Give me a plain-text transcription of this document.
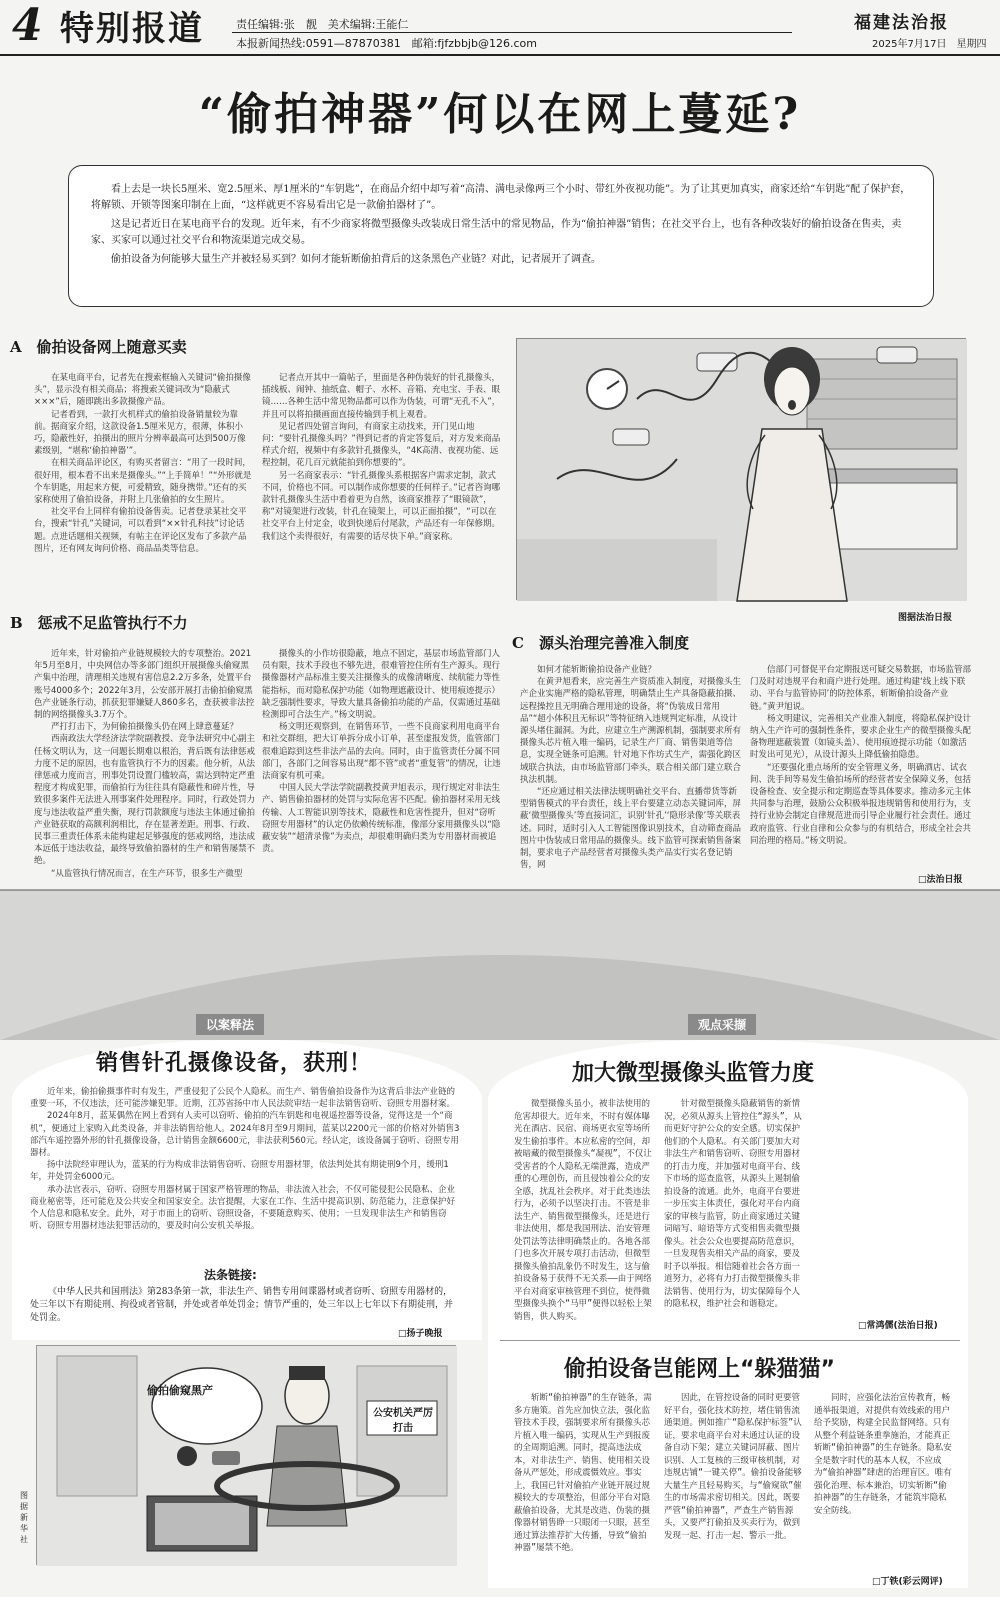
4 特别报道	责任编辑:张　靓　美术编辑:王能仁
本报新闻热线:0591—87870381　邮箱:fjfzbbjb@126.com
福建法治报
2025年7月17日　星期四
“偷拍神器”何以在网上蔓延?

看上去是一块长5厘米、宽2.5厘米、厚1厘米的“车钥匙”，在商品介绍中却写着“高清、满电录像两三个小时、带红外夜视功能”。为了让其更加真实，商家还给“车钥匙”配了保护套，将解锁、开锁等图案印制在上面，“这样就更不容易看出它是一款偷拍器材了”。

这是记者近日在某电商平台的发现。近年来，有不少商家将微型摄像头改装成日常生活中的常见物品，作为“偷拍神器”销售；在社交平台上，也有各种改装好的偷拍设备在售卖，卖家、买家可以通过社交平台和物流渠道完成交易。

偷拍设备为何能够大量生产并被轻易买到？如何才能斩断偷拍背后的这条黑色产业链？对此，记者展开了调查。

A　偷拍设备网上随意买卖

在某电商平台，记者先在搜索框输入关键词“偷拍摄像头”，显示没有相关商品；将搜索关键词改为“隐蔽式×××”后，随即跳出多款摄像产品。

记者看到，一款打火机样式的偷拍设备销量较为靠前。据商家介绍，这款设备1.5厘米见方，很薄，体积小巧，隐蔽性好，拍摄出的照片分辨率最高可达到500万像素级别，“堪称‘偷拍神器’”。

在相关商品评论区，有购买者留言：“用了一段时间，很好用，根本看不出来是摄像头。”“上手简单！”“外形就是个车钥匙，用起来方便，可爱精致，随身携带。”还有的买家称使用了偷拍设备，并附上几张偷拍的女生照片。

社交平台上同样有偷拍设备售卖。记者登录某社交平台，搜索“针孔”关键词，可以看到“××针孔科技”讨论话题。点进话题相关视频，有帖主在评论区发布了多款产品图片，还有网友询问价格、商品品类等信息。

记者点开其中一篇帖子，里面是各种伪装好的针孔摄像头，插线板、闹钟、抽纸盒、帽子、水杯、音箱、充电宝、手表、眼镜……各种生活中常见物品都可以作为伪装，可谓“无孔不入”，并且可以将拍摄画面直接传输到手机上观看。

见记者四处留言询问，有商家主动找来，开门见山地问：“要针孔摄像头吗？”得到记者的肯定答复后，对方发来商品样式介绍，视频中有多款针孔摄像头，“4K高清、夜视功能、远程控制，花几百元就能拍到你想要的”。

另一名商家表示：“针孔摄像头系根据客户需求定制，款式不同，价格也不同。可以制作成你想要的任何样子。”记者咨询哪款针孔摄像头生活中看着更为自然，该商家推荐了“眼镜款”，称“对镜架进行改装，针孔在镜架上，可以正面拍摄”，“可以在社交平台上付定金，收到快递后付尾款，产品还有一年保修期。我们这个卖得很好，有需要的话尽快下单。”商家称。

图据法治日报
B　惩戒不足监管执行不力

近年来，针对偷拍产业链规模较大的专项整治。2021年5月至8月，中央网信办等多部门组织开展摄像头偷窥黑产集中治理，清理相关违规有害信息2.2万多条，处置平台账号4000多个；2022年3月，公安部开展打击偷拍偷窥黑色产业链条行动，抓获犯罪嫌疑人860多名，查获被非法控制的网络摄像头3.7万个。

严打打击下，为何偷拍摄像头仍在网上肆意蔓延？

西南政法大学经济法学院副教授、竞争法研究中心副主任杨文明认为，这一问题长期难以根治，背后既有法律惩戒力度不足的原因，也有监管执行不力的因素。他分析，从法律惩戒力度而言，刑事处罚设置门槛较高，需达到特定严重程度才构成犯罪，而偷拍行为往往具有隐蔽性和碎片性，导致很多案件无法进入刑事案件处理程序。同时，行政处罚力度与违法收益严重失衡，现行罚款额度与违法主体通过偷拍产业链获取的高额利润相比，存在显著差距。刑事、行政、民事三重责任体系未能构建起足够强度的惩戒网络，违法成本远低于违法收益，最终导致偷拍器材的生产和销售屡禁不绝。

“从监管执行情况而言，在生产环节，很多生产微型

摄像头的小作坊很隐蔽，地点不固定，基层市场监管部门人员有限，技术手段也不够先进，很难管控住所有生产源头。现行摄像器材产品标准主要关注摄像头的成像清晰度、续航能力等性能指标，而对隐私保护功能（如物理遮蔽设计、使用痕迹提示）缺乏强制性要求，导致大量具备偷拍功能的产品，仅需通过基础检测即可合法生产。”杨文明说。

杨文明还观察到，在销售环节，一些不良商家利用电商平台和社交群组，把大订单拆分成小订单，甚至虚报发货，监管部门很难追踪到这些非法产品的去向。同时，由于监管责任分属不同部门，各部门之间容易出现“都不管”或者“重复管”的情况，让违法商家有机可乘。

中国人民大学法学院副教授黄尹旭表示，现行规定对非法生产、销售偷拍器材的处罚与实际危害不匹配。偷拍器材采用无线传输、人工智能识别等技术，隐蔽性和危害性提升，但对“窃听窃照专用器材”的认定仍依赖传统标准，像部分家用摄像头以“隐蔽安装”“超清录像”为卖点，却很难明确归类为专用器材而被追责。

C　源头治理完善准入制度

如何才能斩断偷拍设备产业链？

在黄尹旭看来，应完善生产资质准入制度，对摄像头生产企业实施严格的隐私管理，明确禁止生产具备隐蔽拍摄、远程操控且无明确合理用途的设备，将“伪装成日常用品”“超小体积且无标识”等特征纳入违规判定标准，从设计源头堵住漏洞。为此，应建立生产溯源机制，强制要求所有摄像头芯片植入唯一编码，记录生产厂商、销售渠道等信息，实现全链条可追溯。针对地下作坊式生产，需强化跨区域联合执法，由市场监管部门牵头，联合相关部门建立联合执法机制。

“还应通过相关法律法规明确社交平台、直播带货等新型销售模式的平台责任，线上平台要建立动态关键词库，屏蔽‘微型摄像头’等直接词汇，识别‘针孔’‘隐形录像’等关联表述。同时，适时引入人工智能图像识别技术，自动筛查商品图片中伪装成日常用品的摄像头。线下监管可探索销售备案制，要求电子产品经营者对摄像头类产品实行实名登记销售，网

信部门可督促平台定期报送可疑交易数据，市场监管部门及时对违规平台和商户进行处理。通过构建‘线上线下联动、平台与监管协同’的防控体系，斩断偷拍设备产业链。”黄尹旭说。

杨文明建议，完善相关产业准入制度，将隐私保护设计纳入生产许可的强制性条件，要求企业生产的微型摄像头配备物理遮蔽装置（如镜头盖）、使用痕迹提示功能（如激活时发出可见光），从设计源头上降低偷拍隐患。

“还要强化重点场所的安全管理义务，明确酒店、试衣间、洗手间等易发生偷拍场所的经营者安全保障义务，包括设备检查、安全提示和定期巡查等具体要求。推动多元主体共同参与治理，鼓励公众积极举报违规销售和使用行为，支持行业协会制定自律规范进而引导企业履行社会责任。通过政府监管、行业自律和公众参与的有机结合，形成全社会共同治理的格局。”杨文明说。

□法治日报
以案释法
销售针孔摄像设备，获刑！

近年来，偷拍偷摄事件时有发生，严重侵犯了公民个人隐私。而生产、销售偷拍设备作为这背后非法产业链的重要一环，不仅违法，还可能涉嫌犯罪。近期，江苏省扬中市人民法院审结一起非法销售窃听、窃照专用器材案。

2024年8月，蓝某偶然在网上看到有人卖可以窃听、偷拍的汽车钥匙和电视遥控器等设备，觉得这是一个“商机”，便通过上家购入此类设备，并非法销售给他人。2024年8月至9月期间，蓝某以2200元一部的价格对外销售3部汽车遥控器外形的针孔摄像设备，总计销售金额6600元，非法获利560元。经认定，该设备属于窃听、窃照专用器材。

扬中法院经审理认为，蓝某的行为构成非法销售窃听、窃照专用器材罪，依法判处其有期徒刑9个月，缓刑1年，并处罚金6000元。

承办法官表示，窃听、窃照专用器材属于国家严格管理的物品，非法流入社会，不仅可能侵犯公民隐私、企业商业秘密等，还可能危及公共安全和国家安全。法官提醒，大家在工作、生活中提高识别、防范能力，注意保护好个人信息和隐私安全。此外，对于市面上的窃听、窃照设备，不要随意购买、使用；一旦发现非法生产和销售窃听、窃照专用器材违法犯罪活动的，要及时向公安机关举报。

法条链接:
《中华人民共和国刑法》第283条第一款，非法生产、销售专用间谍器材或者窃听、窃照专用器材的，处三年以下有期徒刑、拘役或者管制，并处或者单处罚金；情节严重的，处三年以上七年以下有期徒刑，并处罚金。
□扬子晚报
偷拍偷窥黑产
公安机关严厉打击
图据新华社
观点采撷
加大微型摄像头监管力度

微型摄像头虽小，被非法使用的危害却很大。近年来，不时有媒体曝光在酒店、民宿、商场更衣室等场所发生偷拍事件。本应私密的空间，却被暗藏的微型摄像头“凝视”，不仅让受害者的个人隐私无端泄露，造成严重的心理创伤，而且侵蚀着公众的安全感，扰乱社会秩序。对于此类违法行为，必须予以坚决打击。不管是非法生产、销售微型摄像头，还是进行非法使用，都是我国刑法、治安管理处罚法等法律明确禁止的。各地各部门也多次开展专项打击活动，但微型摄像头偷拍乱象仍不时发生，这与偷拍设备易于获得不无关系——由于网络平台对商家审核管理不到位，使得微型摄像头换个“马甲”便得以轻松上架销售，供人购买。

针对微型摄像头隐蔽销售的新情况，必须从源头上管控住“源头”，从而更好守护公众的安全感。切实保护他们的个人隐私。有关部门要加大对非法生产和销售窃听、窃照专用器材的打击力度，并加强对电商平台、线下市场的巡查监管，从源头上遏制偷拍设备的流通。此外，电商平台要进一步压实主体责任，强化对平台内商家的审核与监管，防止商家通过关键词暗写、暗语等方式变相售卖微型摄像头。社会公众也要提高防范意识，一旦发现售卖相关产品的商家，要及时予以举报。相信随着社会各方面一道努力，必将有力打击微型摄像头非法销售、使用行为，切实保障每个人的隐私权，维护社会和谐稳定。

□常鸿儒(法治日报)
偷拍设备岂能网上“躲猫猫”

斩断“偷拍神器”的生存链条，需多方施策。首先应加快立法，强化监管技术手段，强制要求所有摄像头芯片植入唯一编码，实现从生产到报废的全周期追溯。同时，提高违法成本，对非法生产、销售、使用相关设备从严惩处，形成震慑效应。事实上，我国已针对偷拍产业链开展过规模较大的专项整治，但部分平台对隐蔽偷拍设备，尤其是改造、伪装的摄像器材销售睁一只眼闭一只眼，甚至通过算法推荐扩大传播，导致“偷拍神器”屡禁不绝。

因此，在管控设备的同时更要管好平台，强化技术防控，堵住销售流通渠道。例如推广“隐私保护标签”认证，要求电商平台对未通过认证的设备自动下架；建立关键词屏蔽、图片识别、人工复核的三级审核机制，对违规店铺“一键关停”。偷拍设备能够大量生产且轻易购买，与“偷窥欲”催生的市场需求密切相关。因此，既要严管“偷拍神器”，严查生产销售源头，又要严打偷拍及买卖行为，做到发现一起、打击一起、警示一批。

同时，应强化法治宣传教育，畅通举报渠道，对提供有效线索的用户给予奖励，构建全民监督网络。只有从整个利益链条重拳施治，才能真正斩断“偷拍神器”的生存链条。隐私安全是数字时代的基本人权，不应成为“偷拍神器”肆虐的治理盲区。唯有强化治理、标本兼治，切实斩断“偷拍神器”的生存链条，才能筑牢隐私安全防线。

□丁铁(彩云网评)
